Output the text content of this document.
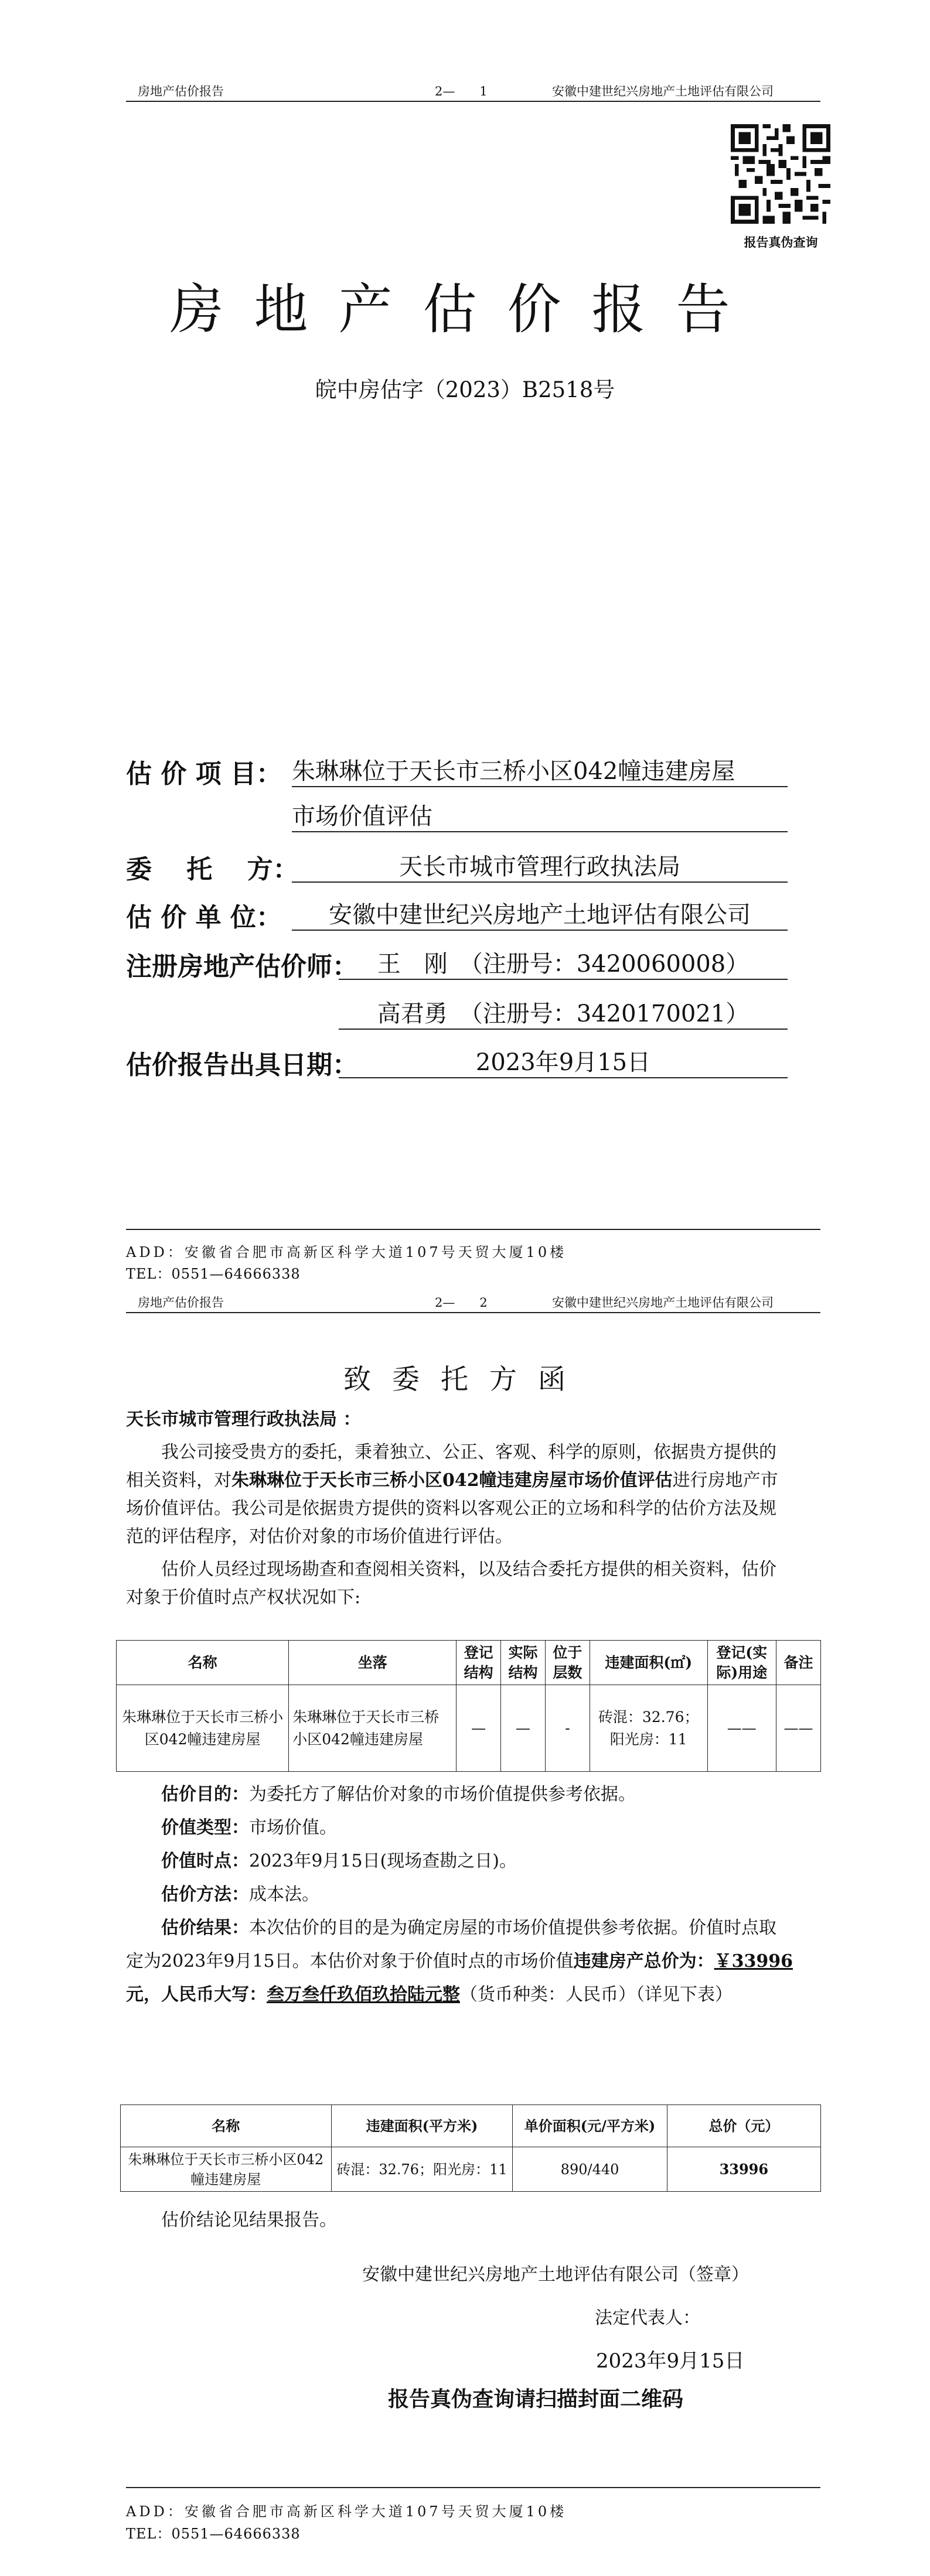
房地产估价报告	2—　　1	安徽中建世纪兴房地产土地评估有限公司
报告真伪查询
房地产估价报告
皖中房估字（2023）B2518号
估 价 项 目： 朱琳琳位于天长市三桥小区042幢违建房屋
市场价值评估
委　 托　 方：	天长市城市管理行政执法局
估 价 单 位：	安徽中建世纪兴房地产土地评估有限公司
注册房地产估价师： 王　刚　（注册号：3420060008）
高君勇　（注册号：3420170021）
估价报告出具日期：	2023年9月15日
ADD：安徽省合肥市高新区科学大道107号天贸大厦10楼
TEL：0551—64666338
房地产估价报告	2—　　2	安徽中建世纪兴房地产土地评估有限公司
致委托方函
天长市城市管理行政执法局 ：
我公司接受贵方的委托，秉着独立、公正、客观、科学的原则，依据贵方提供的
相关资料，对朱琳琳位于天长市三桥小区042幢违建房屋市场价值评估进行房地产市
场价值评估。我公司是依据贵方提供的资料以客观公正的立场和科学的估价方法及规
范的评估程序，对估价对象的市场价值进行评估。
估价人员经过现场勘查和查阅相关资料，以及结合委托方提供的相关资料，估价
对象于价值时点产权状况如下:
名称	坐落	登记结构	实际结构	位于层数	违建面积(㎡)	登记(实际)用途	备注
朱琳琳位于天长市三桥小区042幢违建房屋	朱琳琳位于天长市三桥小区042幢违建房屋	—	—	-	砖混：32.76；阳光房：11	——	——
估价目的：为委托方了解估价对象的市场价值提供参考依据。
价值类型：市场价值。
价值时点：2023年9月15日(现场查勘之日)。
估价方法：成本法。
估价结果：本次估价的目的是为确定房屋的市场价值提供参考依据。价值时点取
定为2023年9月15日。本估价对象于价值时点的市场价值违建房产总价为：￥33996
元，人民币大写：叁万叁仟玖佰玖拾陆元整（货币种类：人民币）（详见下表）
名称	违建面积(平方米)	单价面积(元/平方米)	总价（元）
朱琳琳位于天长市三桥小区042幢违建房屋	砖混：32.76；阳光房：11	890/440	33996
估价结论见结果报告。
安徽中建世纪兴房地产土地评估有限公司（签章）
法定代表人：
2023年9月15日
报告真伪查询请扫描封面二维码
ADD：安徽省合肥市高新区科学大道107号天贸大厦10楼
TEL：0551—64666338
